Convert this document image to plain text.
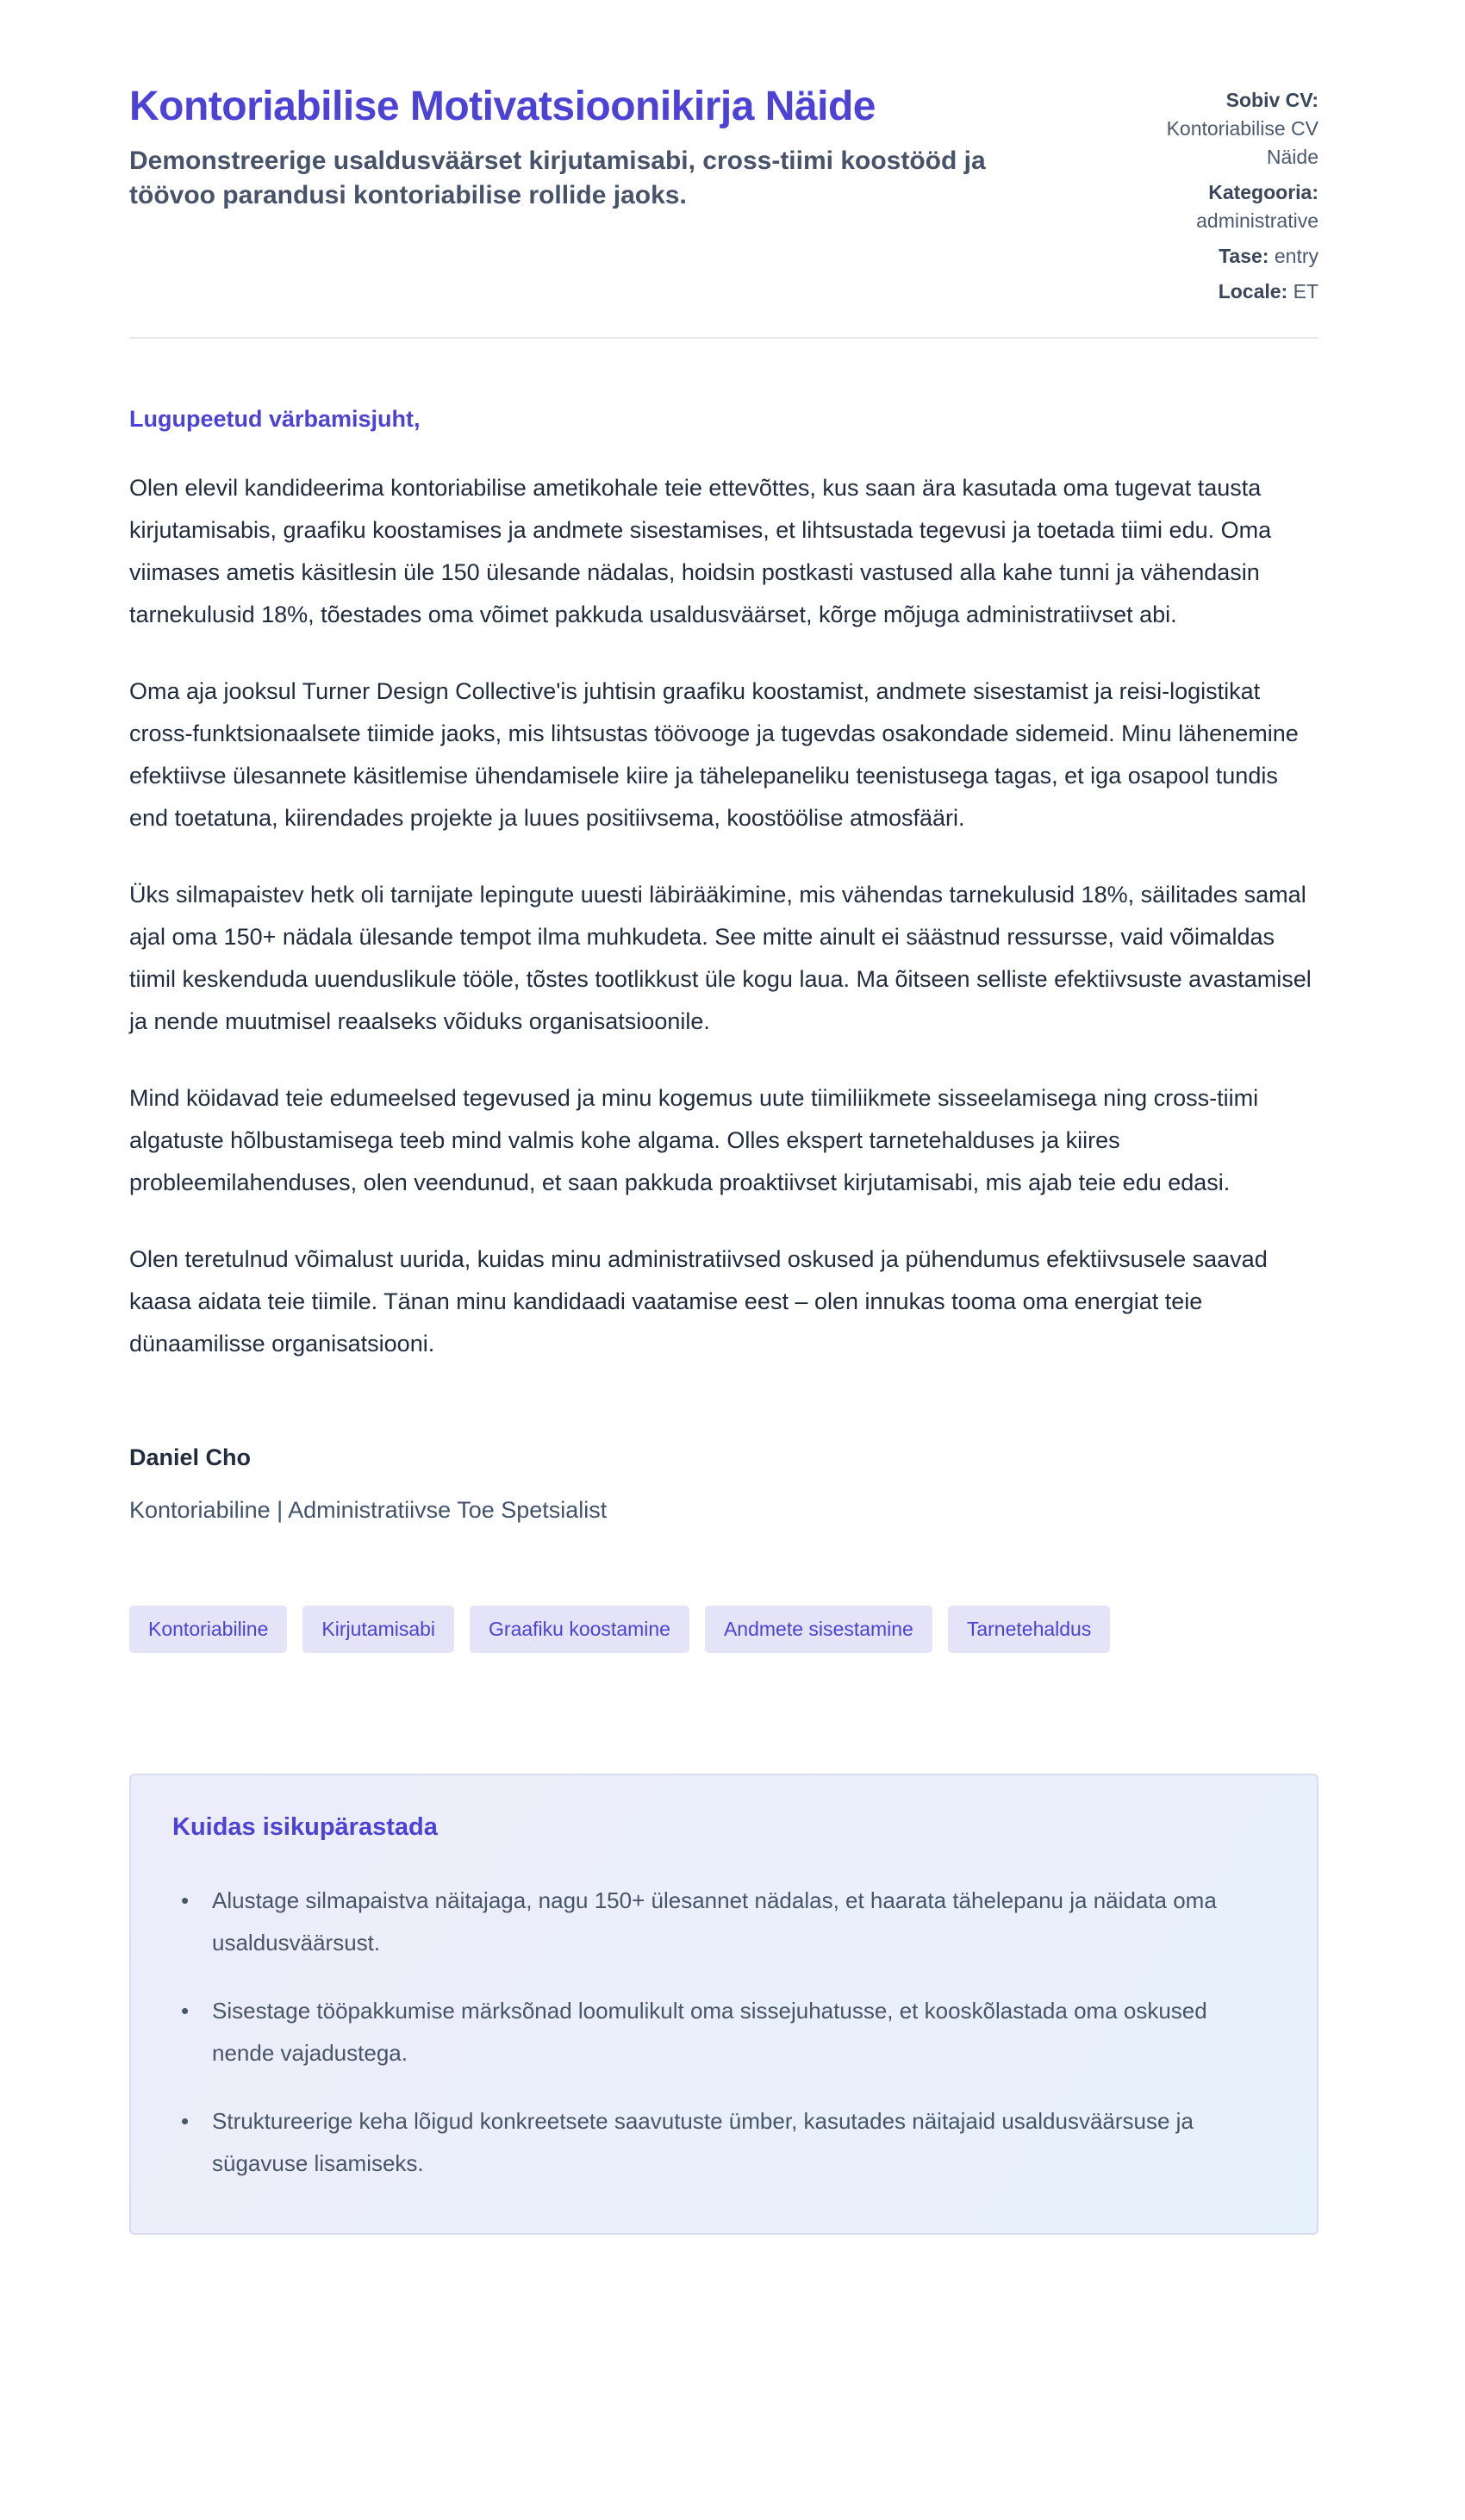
Kontoriabilise Motivatsioonikirja Näide

Demonstreerige usaldusväärset kirjutamisabi, cross-tiimi koostööd ja töövoo parandusi kontoriabilise rollide jaoks.

Sobiv CV: Kontoriabilise CV Näide
Kategooria: administrative
Tase: entry
Locale: ET

Lugupeetud värbamisjuht,

Olen elevil kandideerima kontoriabilise ametikohale teie ettevõttes, kus saan ära kasutada oma tugevat tausta kirjutamisabis, graafiku koostamises ja andmete sisestamises, et lihtsustada tegevusi ja toetada tiimi edu. Oma viimases ametis käsitlesin üle 150 ülesande nädalas, hoidsin postkasti vastused alla kahe tunni ja vähendasin tarnekulusid 18%, tõestades oma võimet pakkuda usaldusväärset, kõrge mõjuga administratiivset abi.

Oma aja jooksul Turner Design Collective'is juhtisin graafiku koostamist, andmete sisestamist ja reisi-logistikat cross-funktsionaalsete tiimide jaoks, mis lihtsustas töövooge ja tugevdas osakondade sidemeid. Minu lähenemine efektiivse ülesannete käsitlemise ühendamisele kiire ja tähelepaneliku teenistusega tagas, et iga osapool tundis end toetatuna, kiirendades projekte ja luues positiivsema, koostöölise atmosfääri.

Üks silmapaistev hetk oli tarnijate lepingute uuesti läbirääkimine, mis vähendas tarnekulusid 18%, säilitades samal ajal oma 150+ nädala ülesande tempot ilma muhkudeta. See mitte ainult ei säästnud ressursse, vaid võimaldas tiimil keskenduda uuenduslikule tööle, tõstes tootlikkust üle kogu laua. Ma õitseen selliste efektiivsuste avastamisel ja nende muutmisel reaalseks võiduks organisatsioonile.

Mind köidavad teie edumeelsed tegevused ja minu kogemus uute tiimiliikmete sisseelamisega ning cross-tiimi algatuste hõlbustamisega teeb mind valmis kohe algama. Olles ekspert tarnetehalduses ja kiires probleemilahenduses, olen veendunud, et saan pakkuda proaktiivset kirjutamisabi, mis ajab teie edu edasi.

Olen teretulnud võimalust uurida, kuidas minu administratiivsed oskused ja pühendumus efektiivsusele saavad kaasa aidata teie tiimile. Tänan minu kandidaadi vaatamise eest – olen innukas tooma oma energiat teie dünaamilisse organisatsiooni.

Daniel Cho

Kontoriabiline | Administratiivse Toe Spetsialist

Kontoriabiline	Kirjutamisabi	Graafiku koostamine	Andmete sisestamine	Tarnetehaldus
Kuidas isikupärastada
• Alustage silmapaistva näitajaga, nagu 150+ ülesannet nädalas, et haarata tähelepanu ja näidata oma usaldusväärsust.
• Sisestage tööpakkumise märksõnad loomulikult oma sissejuhatusse, et kooskõlastada oma oskused nende vajadustega.
• Struktureerige keha lõigud konkreetsete saavutuste ümber, kasutades näitajaid usaldusväärsuse ja sügavuse lisamiseks.
